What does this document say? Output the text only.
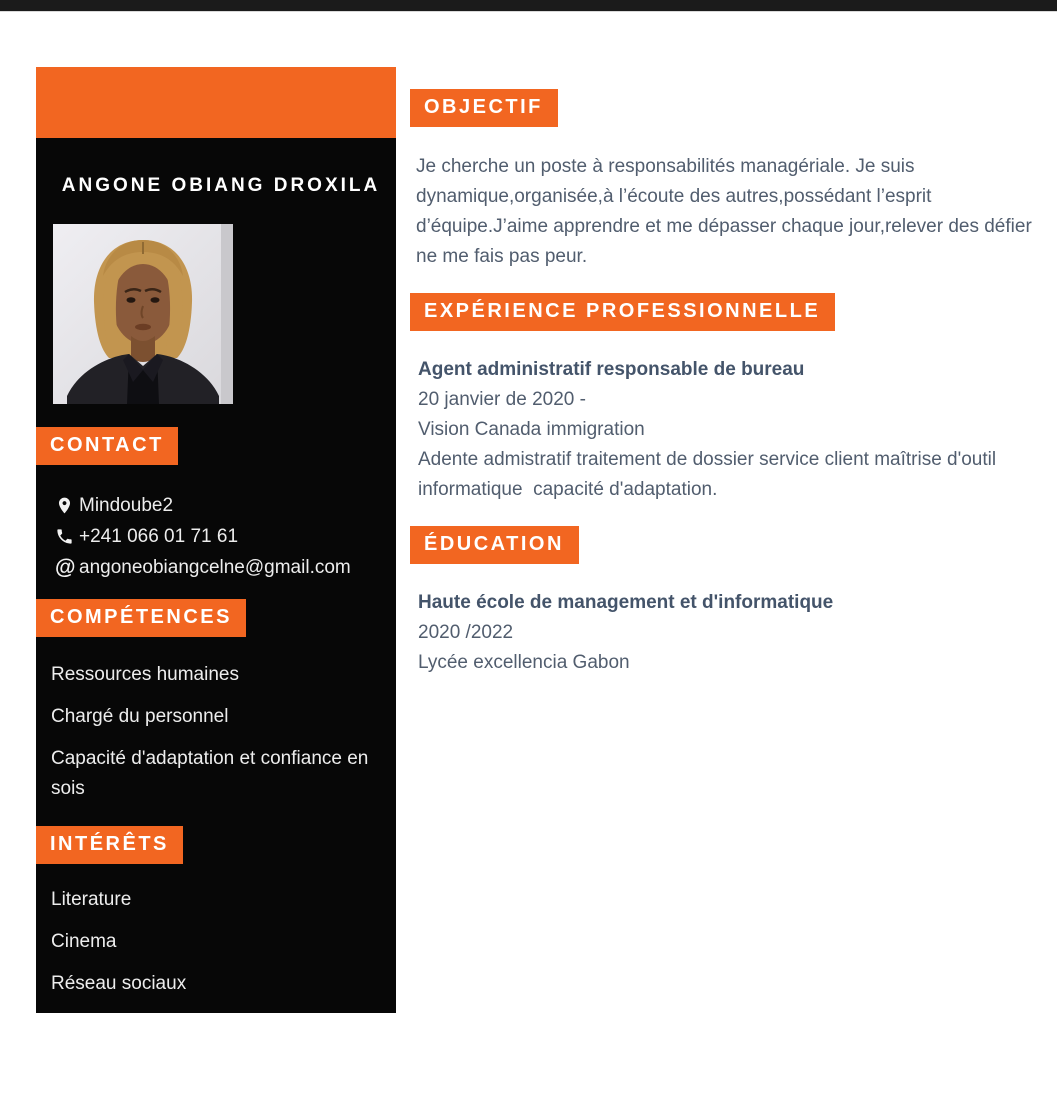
ANGONE OBIANG DROXILA
CONTACT
Mindoube2
+241 066 01 71 61
@ angoneobiangcelne@gmail.com
COMPÉTENCES

Ressources humaines

Chargé du personnel

Capacité d'adaptation et confiance en sois

INTÉRÊTS

Literature

Cinema

Réseau sociaux

OBJECTIF

Je cherche un poste à responsabilités managériale. Je suis dynamique,organisée,à l’écoute des autres,possédant l’esprit d’équipe.J’aime apprendre et me dépasser chaque jour,relever des défier ne me fais pas peur.

EXPÉRIENCE PROFESSIONNELLE

Agent administratif responsable de bureau

20 janvier de 2020 -

Vision Canada immigration

Adente admistratif traitement de dossier service client maîtrise d'outil informatique  capacité d'adaptation.

ÉDUCATION

Haute école de management et d'informatique

2020 /2022

Lycée excellencia Gabon
